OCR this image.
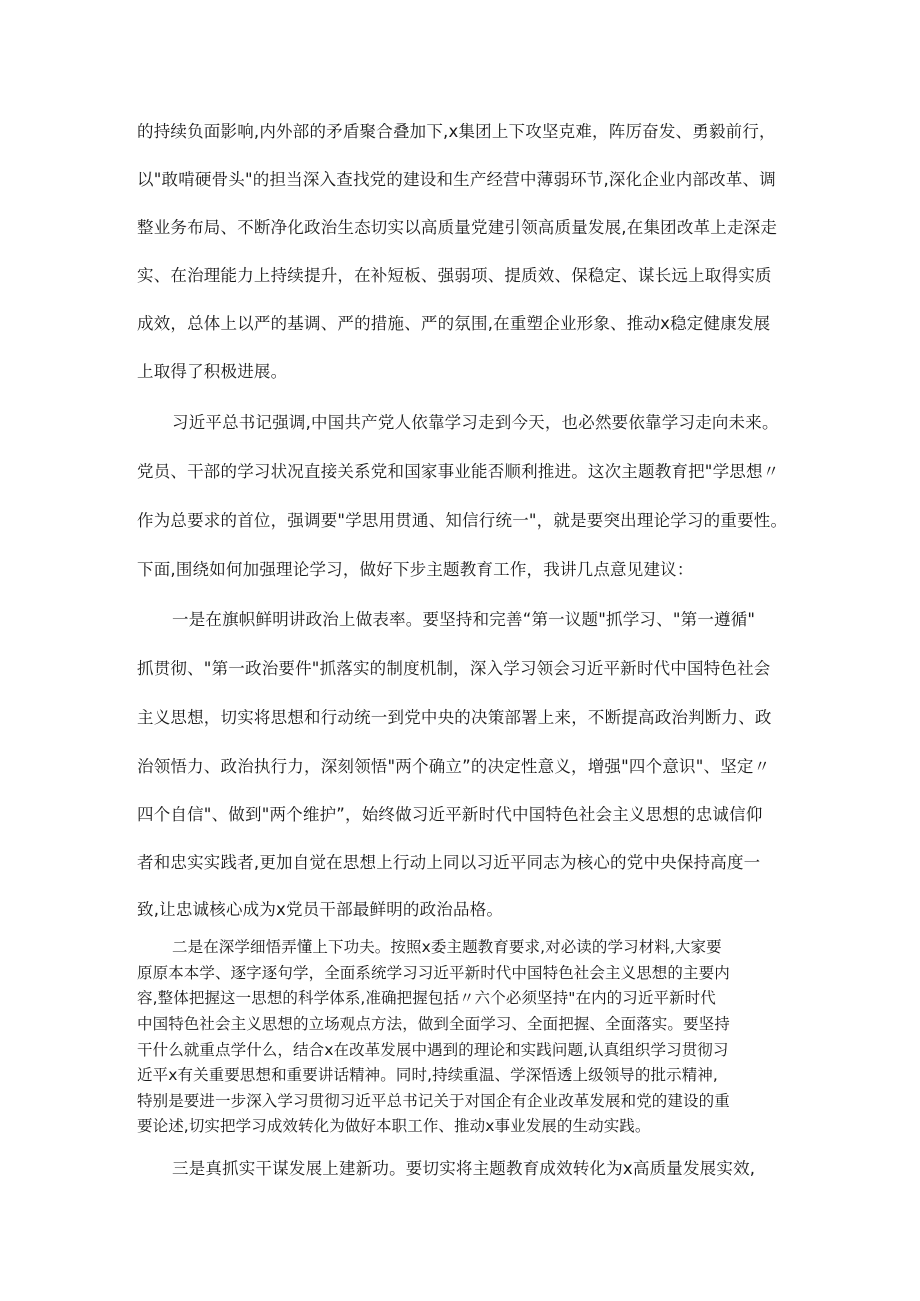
的持续负面影响,内外部的矛盾聚合叠加下,x集团上下攻坚克难，阵厉奋发、勇毅前行，
以"敢啃硬骨头"的担当深入查找党的建设和生产经营中薄弱环节,深化企业内部改革、调
整业务布局、不断净化政治生态切实以高质量党建引领高质量发展,在集团改革上走深走
实、在治理能力上持续提升，在补短板、强弱项、提质效、保稳定、谋长远上取得实质
成效，总体上以严的基调、严的措施、严的氛围,在重塑企业形象、推动x稳定健康发展
上取得了积极进展。
习近平总书记强调,中国共产党人依靠学习走到今天，也必然要依靠学习走向未来。
党员、干部的学习状况直接关系党和国家事业能否顺利推进。这次主题教育把"学思想〃
作为总要求的首位，强调要"学思用贯通、知信行统一"，就是要突出理论学习的重要性。
下面,围绕如何加强理论学习，做好下步主题教育工作，我讲几点意见建议：
一是在旗帜鲜明讲政治上做表率。要坚持和完善“第一议题"抓学习、"第一遵循"
抓贯彻、"第一政治要件"抓落实的制度机制，深入学习领会习近平新时代中国特色社会
主义思想，切实将思想和行动统一到党中央的决策部署上来，不断提高政治判断力、政
治领悟力、政治执行力，深刻领悟"两个确立”的决定性意义，增强"四个意识"、坚定〃
四个自信"、做到"两个维护”，始终做习近平新时代中国特色社会主义思想的忠诚信仰
者和忠实实践者,更加自觉在思想上行动上同以习近平同志为核心的党中央保持高度一
致,让忠诚核心成为x党员干部最鲜明的政治品格。
二是在深学细悟弄懂上下功夫。按照x委主题教育要求,对必读的学习材料,大家要
原原本本学、逐字逐句学，全面系统学习习近平新时代中国特色社会主义思想的主要内
容,整体把握这一思想的科学体系,准确把握包括〃六个必须坚持"在内的习近平新时代
中国特色社会主义思想的立场观点方法，做到全面学习、全面把握、全面落实。要坚持
干什么就重点学什么，结合x在改革发展中遇到的理论和实践问题,认真组织学习贯彻习
近平x有关重要思想和重要讲话精神。同时,持续重温、学深悟透上级领导的批示精神,
特别是要进一步深入学习贯彻习近平总书记关于对国企有企业改革发展和党的建设的重
要论述,切实把学习成效转化为做好本职工作、推动x事业发展的生动实践。
三是真抓实干谋发展上建新功。要切实将主题教育成效转化为x高质量发展实效,
